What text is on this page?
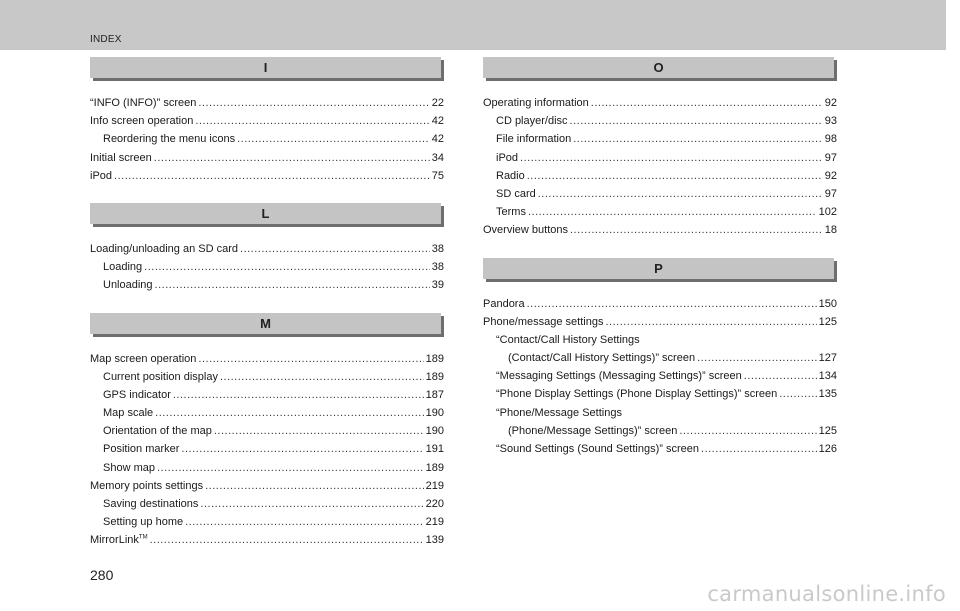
INDEX
I
“INFO (INFO)” screen .....	22
Info screen operation .....	42
Reordering the menu icons .....	42
Initial screen .....	34
iPod .....	75
L
Loading/unloading an SD card .....	38
Loading .....	38
Unloading .....	39
M
Map screen operation .....	189
Current position display .....	189
GPS indicator .....	187
Map scale .....	190
Orientation of the map .....	190
Position marker .....	191
Show map .....	189
Memory points settings .....	219
Saving destinations .....	220
Setting up home .....	219
MirrorLink™ .....	139
O
Operating information .....	92
CD player/disc .....	93
File information .....	98
iPod .....	97
Radio .....	92
SD card .....	97
Terms .....	102
Overview buttons .....	18
P
Pandora .....	150
Phone/message settings .....	125
“Contact/Call History Settings
(Contact/Call History Settings)” screen .....	127
“Messaging Settings (Messaging Settings)” screen .....	134
“Phone Display Settings (Phone Display Settings)” screen .....	135
“Phone/Message Settings
(Phone/Message Settings)” screen .....	125
“Sound Settings (Sound Settings)” screen .....	126
280
carmanualsonline.info
